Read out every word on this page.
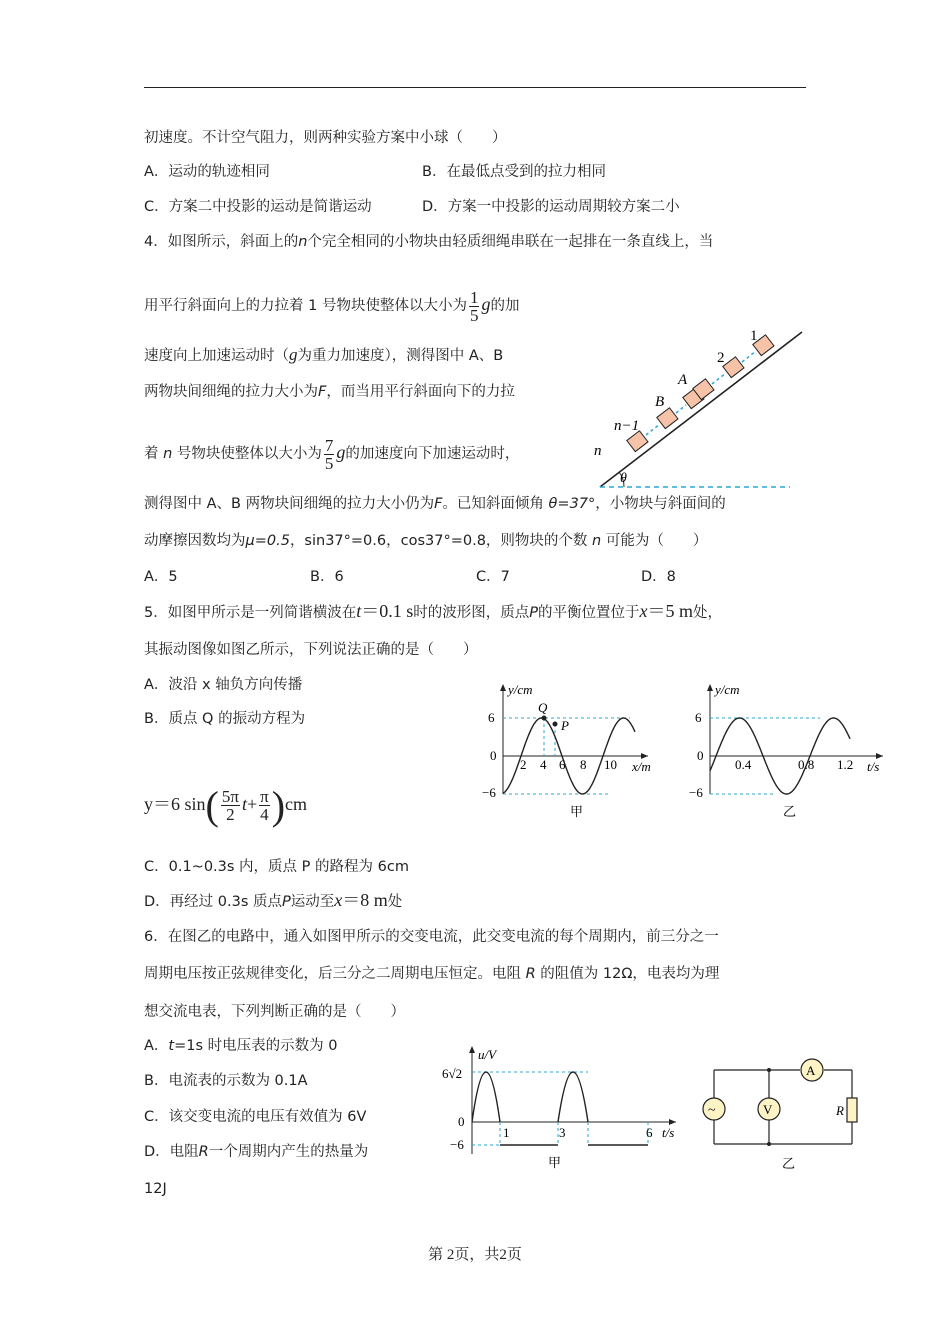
初速度。不计空气阻力，则两种实验方案中小球（　　）
A．运动的轨迹相同	B．在最低点受到的拉力相同
C．方案二中投影的运动是简谐运动	D．方案一中投影的运动周期较方案二小
4．如图所示，斜面上的n个完全相同的小物块由轻质细绳串联在一起排在一条直线上，当
用平行斜面向上的力拉着 1 号物块使整体以大小为 $\frac{1}{5}$ g的加
速度向上加速运动时（g为重力加速度），测得图中 A、B
两物块间细绳的拉力大小为F，而当用平行斜面向下的力拉
着 n 号物块使整体以大小为 $\frac{7}{5}$ g的加速度向下加速运动时，
测得图中 A、B 两物块间细绳的拉力大小仍为F。已知斜面倾角 θ=37°，小物块与斜面间的
动摩擦因数均为μ=0.5，sin37°=0.6，cos37°=0.8，则物块的个数 n 可能为（　　）
A．5	B．6	C．7	D．8
θ
n
n−1
B
A
2
1
5．如图甲所示是一列简谐横波在t＝0.1 s时的波形图，质点P的平衡位置位于x＝5 m处，
其振动图像如图乙所示，下列说法正确的是（　　）
A．波沿 x 轴负方向传播
B．质点 Q 的振动方程为
y＝6 $\sin( \frac{5\pi}{2} t+ \frac{\pi}{4} )cm$
C．0.1~0.3s 内，质点 P 的路程为 6cm
D．再经过 0.3s 质点P运动至x＝8 m处
y/cm
x/m
6
0
−6
Q
P
2 4 6 8 10
甲
y/cm
t/s
6
0
−6
0.4	0.8 1.2
乙
6．在图乙的电路中，通入如图甲所示的交变电流，此交变电流的每个周期内，前三分之一
周期电压按正弦规律变化，后三分之二周期电压恒定。电阻 R 的阻值为 12Ω，电表均为理
想交流电表，下列判断正确的是（　　）
A．t=1s 时电压表的示数为 0
B．电流表的示数为 0.1A
C．该交变电流的电压有效值为 6V
D．电阻R一个周期内产生的热量为
12J
u/V
t/s
6√2
0
−6
1	3	6
甲
~	V
A
R
乙
第 2页，共2页
